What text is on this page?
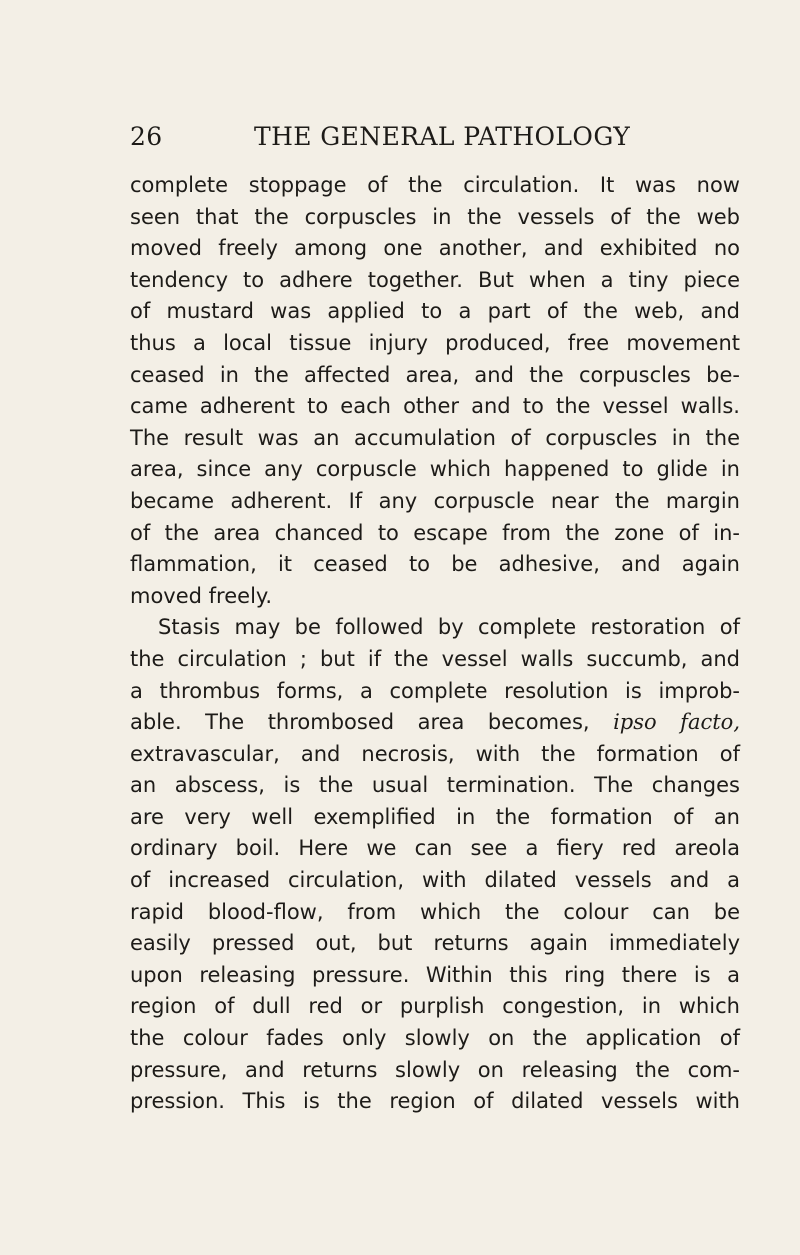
26	THE GENERAL PATHOLOGY
complete stoppage of the circulation. It was now
seen that the corpuscles in the vessels of the web
moved freely among one another, and exhibited no
tendency to adhere together. But when a tiny piece
of mustard was applied to a part of the web, and
thus a local tissue injury produced, free movement
ceased in the affected area, and the corpuscles be-
came adherent to each other and to the vessel walls.
The result was an accumulation of corpuscles in the
area, since any corpuscle which happened to glide in
became adherent. If any corpuscle near the margin
of the area chanced to escape from the zone of in-
flammation, it ceased to be adhesive, and again
moved freely.
Stasis may be followed by complete restoration of
the circulation ; but if the vessel walls succumb, and
a thrombus forms, a complete resolution is improb-
able. The thrombosed area becomes, ipso facto,
extravascular, and necrosis, with the formation of
an abscess, is the usual termination. The changes
are very well exemplified in the formation of an
ordinary boil. Here we can see a fiery red areola
of increased circulation, with dilated vessels and a
rapid blood-flow, from which the colour can be
easily pressed out, but returns again immediately
upon releasing pressure. Within this ring there is a
region of dull red or purplish congestion, in which
the colour fades only slowly on the application of
pressure, and returns slowly on releasing the com-
pression. This is the region of dilated vessels with
